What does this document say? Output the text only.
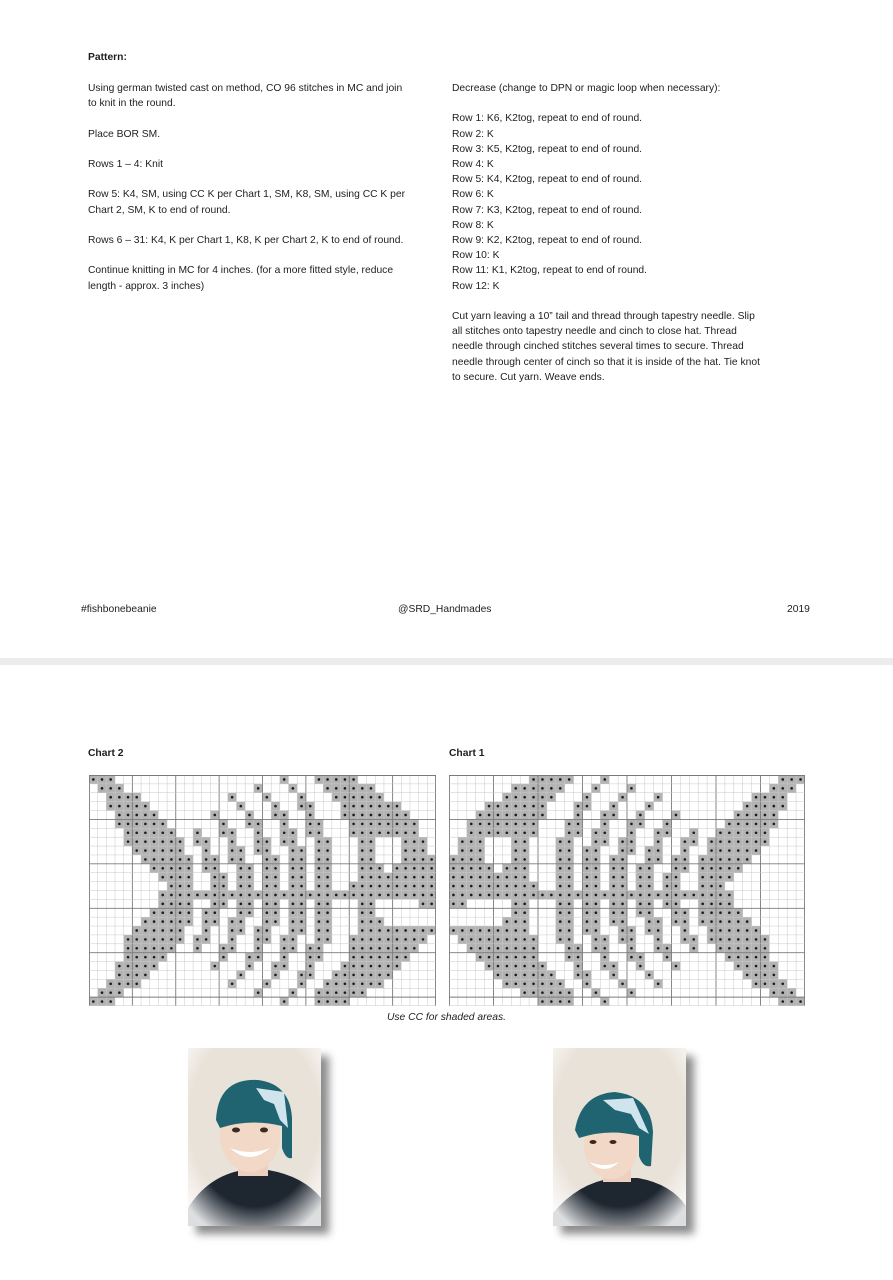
Pattern:
Using german twisted cast on method, CO 96 stitches in MC and join
to knit in the round.
Place BOR SM.
Rows 1 – 4: Knit
Row 5: K4, SM, using CC K per Chart 1, SM, K8, SM, using CC K per
Chart 2, SM, K to end of round.
Rows 6 – 31: K4, K per Chart 1, K8, K per Chart 2, K to end of round.
Continue knitting in MC for 4 inches. (for a more fitted style, reduce
length - approx. 3 inches)
Decrease (change to DPN or magic loop when necessary):
Row 1: K6, K2tog, repeat to end of round.
Row 2: K
Row 3: K5, K2tog, repeat to end of round.
Row 4: K
Row 5: K4, K2tog, repeat to end of round.
Row 6: K
Row 7: K3, K2tog, repeat to end of round.
Row 8: K
Row 9: K2, K2tog, repeat to end of round.
Row 10: K
Row 11: K1, K2tog, repeat to end of round.
Row 12: K
Cut yarn leaving a 10” tail and thread through tapestry needle. Slip
all stitches onto tapestry needle and cinch to close hat. Thread
needle through cinched stitches several times to secure. Thread
needle through center of cinch so that it is inside of the hat. Tie knot
to secure. Cut yarn. Weave ends.
#fishbonebeanie	@SRD_Handmades	2019
Chart 2	Chart 1
Use CC for shaded areas.
